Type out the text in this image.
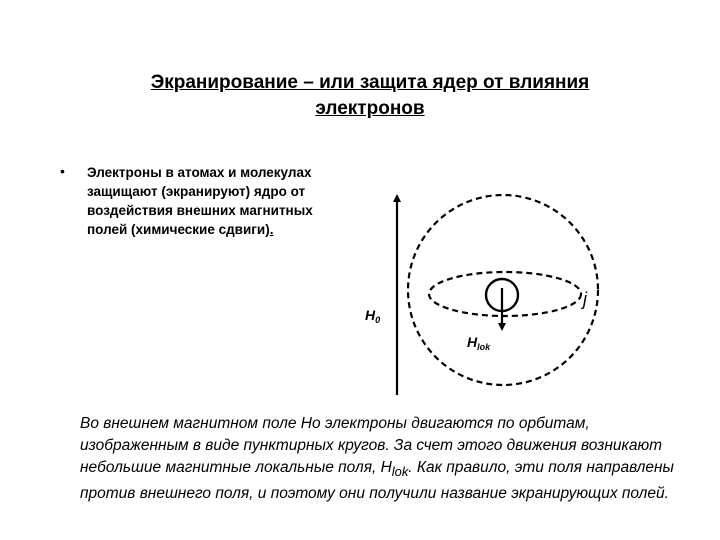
Экранирование – или защита ядер от влияния
электронов
• Электроны в атомах и молекулах защищают (экранируют) ядро от воздействия внешних магнитных полей (химические сдвиги).
$H_0$
$H_{lok}$
j
Во внешнем магнитном поле Но электроны двигаются по орбитам, изображенным в виде пунктирных кругов. За счет этого движения возникают небольшие магнитные локальные поля, $H_{lok}$. Как правило, эти поля направлены против внешнего поля, и поэтому они получили название экранирующих полей.
